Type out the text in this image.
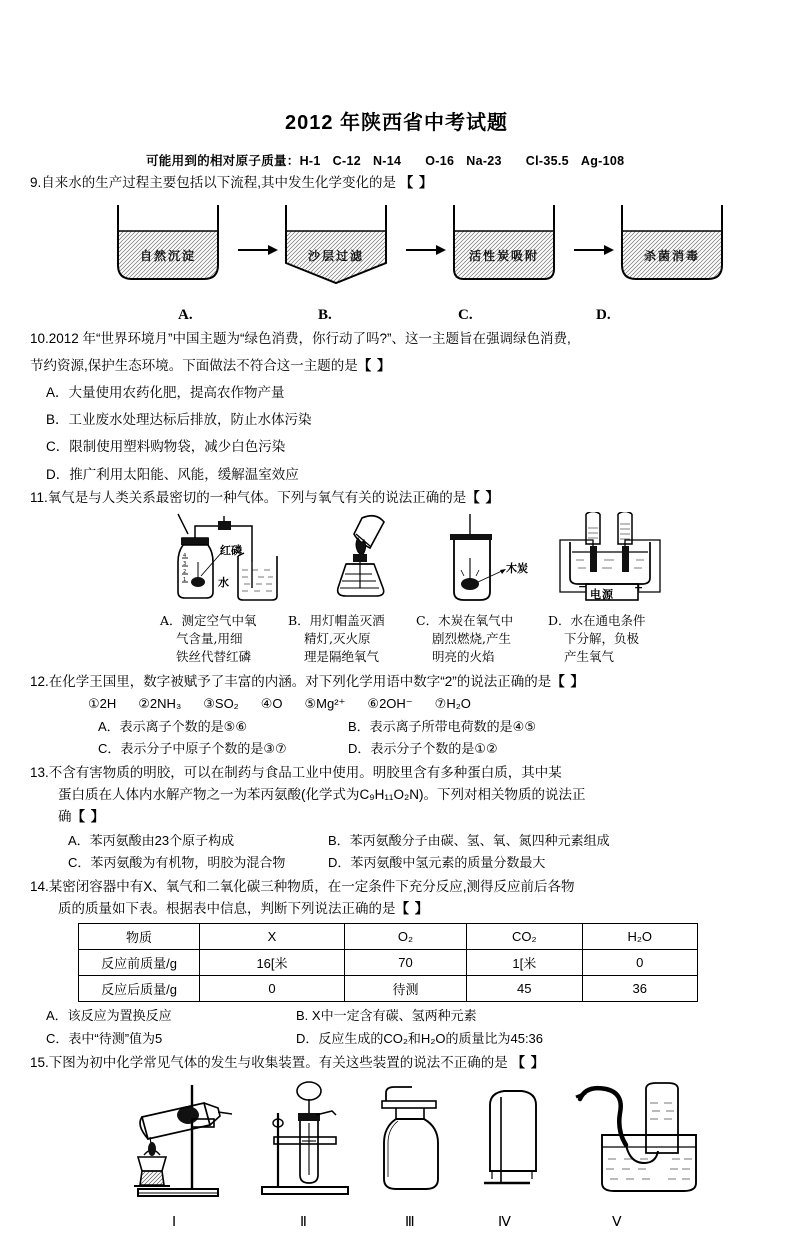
2012 年陕西省中考试题
可能用到的相对原子质量：H-1 C-12 N-14 O-16 Na-23 Cl-35.5 Ag-108
9.自来水的生产过程主要包括以下流程,其中发生化学变化的是 【 】
自然沉淀	沙层过滤	活性炭吸附	杀菌消毒
A.	B.	C.	D.
10.2012 年“世界环境月”中国主题为“绿色消费，你行动了吗?”、这一主题旨在强调绿色消费,
节约资源,保护生态环境。下面做法不符合这一主题的是【 】
A．大量使用农药化肥，提高农作物产量
B．工业废水处理达标后排放，防止水体污染
C．限制使用塑料购物袋，减少白色污染
D．推广利用太阳能、风能，缓解温室效应
11.氧气是与人类关系最密切的一种气体。下列与氧气有关的说法正确的是【 】
4
3
2
1
红磷
水
木炭
−	+
电源
A．测定空气中氧
气含量,用细
铁丝代替红磷
B．用灯帽盖灭酒
精灯,灭火原
理是隔绝氧气
C．木炭在氧气中
剧烈燃烧,产生
明亮的火焰
D．水在通电条件
下分解，负极
产生氧气
12.在化学王国里，数字被赋予了丰富的内涵。对下列化学用语中数字“2”的说法正确的是【 】
①2H ②2NH₃ ③SO₂ ④O ⑤Mg²⁺ ⑥2OH⁻ ⑦H₂O
A．表示离子个数的是⑤⑥	B．表示离子所带电荷数的是④⑤
C．表示分子中原子个数的是③⑦	D．表示分子个数的是①②
13.不含有害物质的明胶，可以在制药与食品工业中使用。明胶里含有多种蛋白质，其中某
蛋白质在人体内水解产物之一为苯丙氨酸(化学式为C₉H₁₁O₂N)。下列对相关物质的说法正
确【 】
A．苯丙氨酸由23个原子构成	B．苯丙氨酸分子由碳、氢、氧、氮四种元素组成
C．苯丙氨酸为有机物，明胶为混合物	D．苯丙氨酸中氢元素的质量分数最大
14.某密闭容器中有X、氧气和二氧化碳三种物质，在一定条件下充分反应,测得反应前后各物
质的质量如下表。根据表中信息，判断下列说法正确的是【 】
物质	X	O₂	CO₂	H₂O
反应前质量/g	16[米	70	1[米	0
反应后质量/g	0	待测	45	36
A．该反应为置换反应	B. X中一定含有碳、氢两种元素
C．表中“待测”值为5	D．反应生成的CO₂和H₂O的质量比为45:36
15.下图为初中化学常见气体的发生与收集装置。有关这些装置的说法不正确的是 【 】
Ⅰ	Ⅱ	Ⅲ	Ⅳ	Ⅴ
